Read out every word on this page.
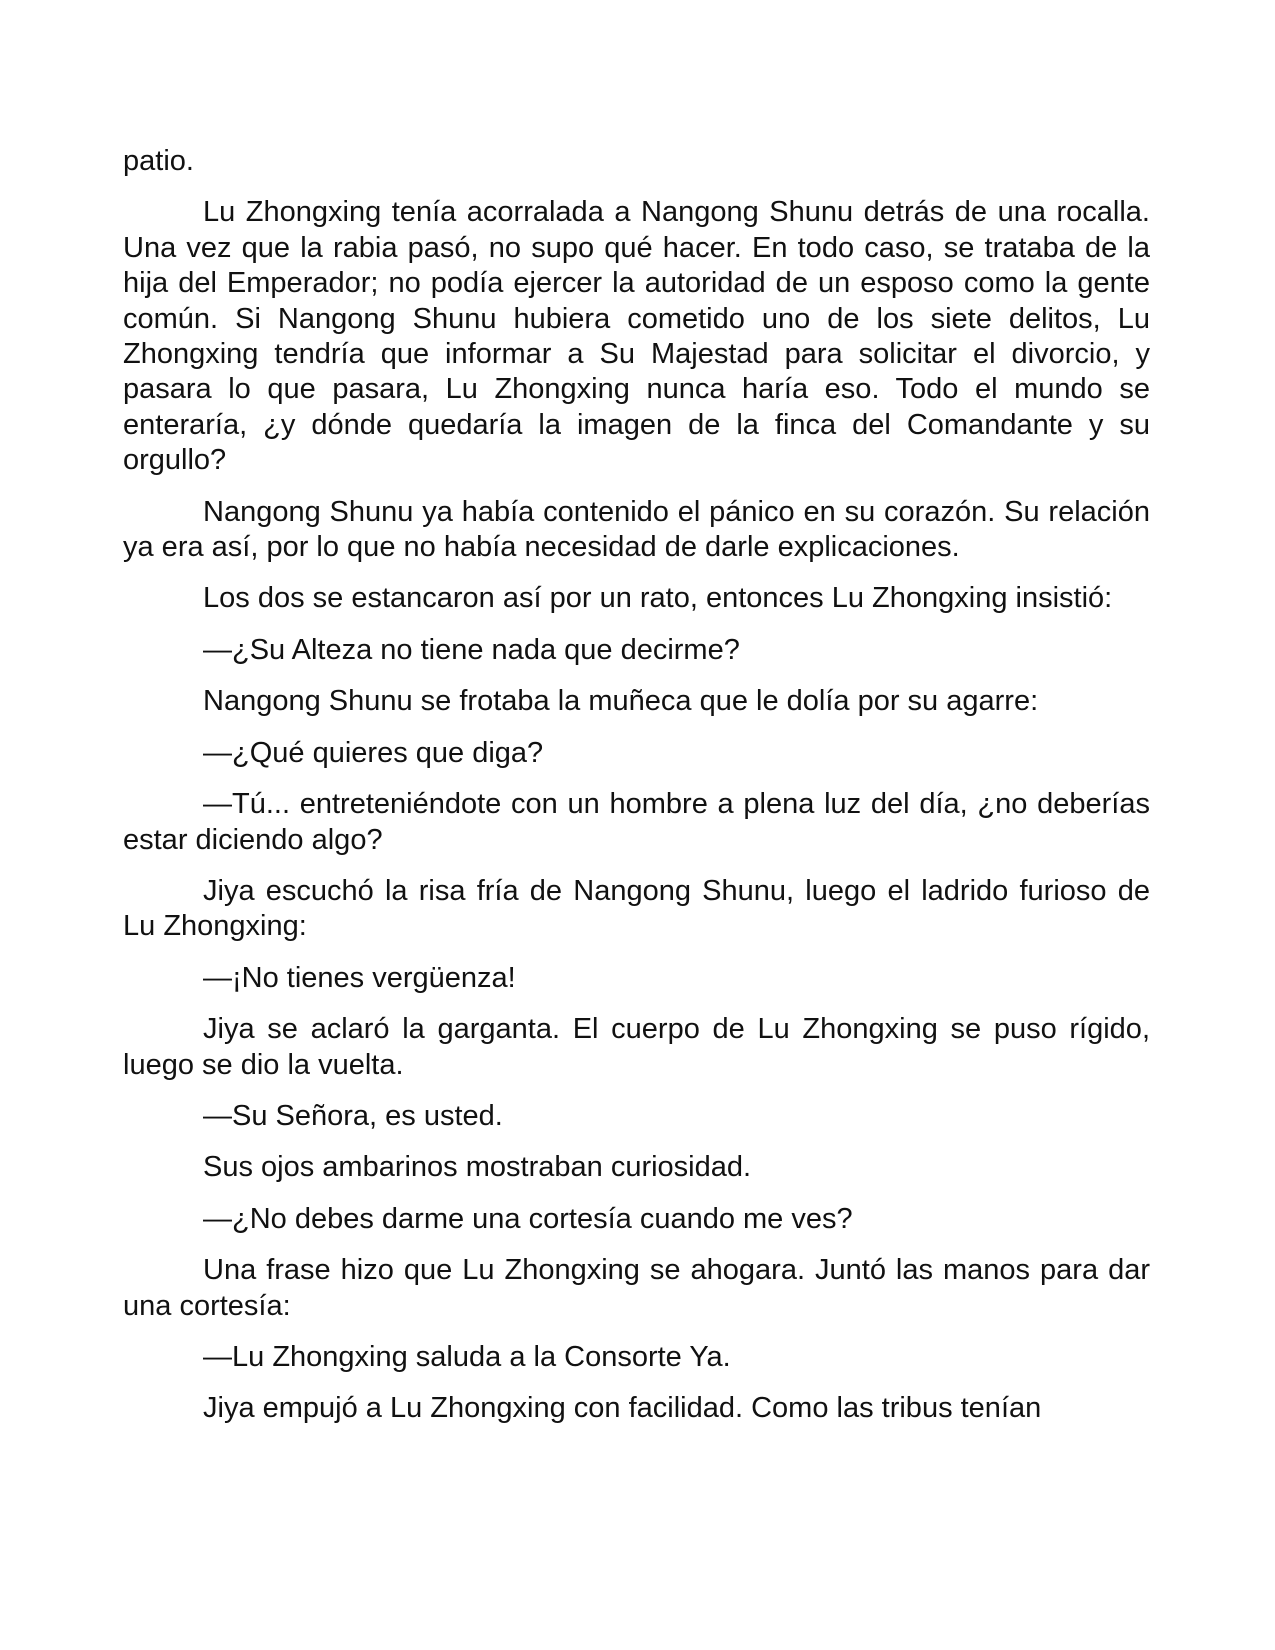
patio.

Lu Zhongxing tenía acorralada a Nangong Shunu detrás de una rocalla. Una vez que la rabia pasó, no supo qué hacer. En todo caso, se trataba de la hija del Emperador; no podía ejercer la autoridad de un esposo como la gente común. Si Nangong Shunu hubiera cometido uno de los siete delitos, Lu Zhongxing tendría que informar a Su Majestad para solicitar el divorcio, y pasara lo que pasara, Lu Zhongxing nunca haría eso. Todo el mundo se enteraría, ¿y dónde quedaría la imagen de la finca del Comandante y su orgullo?

Nangong Shunu ya había contenido el pánico en su corazón. Su relación ya era así, por lo que no había necesidad de darle explicaciones.

Los dos se estancaron así por un rato, entonces Lu Zhongxing insistió:

—¿Su Alteza no tiene nada que decirme?

Nangong Shunu se frotaba la muñeca que le dolía por su agarre:

—¿Qué quieres que diga?

—Tú... entreteniéndote con un hombre a plena luz del día, ¿no deberías estar diciendo algo?

Jiya escuchó la risa fría de Nangong Shunu, luego el ladrido furioso de Lu Zhongxing:

—¡No tienes vergüenza!

Jiya se aclaró la garganta. El cuerpo de Lu Zhongxing se puso rígido, luego se dio la vuelta.

—Su Señora, es usted.

Sus ojos ambarinos mostraban curiosidad.

—¿No debes darme una cortesía cuando me ves?

Una frase hizo que Lu Zhongxing se ahogara. Juntó las manos para dar una cortesía:

—Lu Zhongxing saluda a la Consorte Ya.

Jiya empujó a Lu Zhongxing con facilidad. Como las tribus tenían
